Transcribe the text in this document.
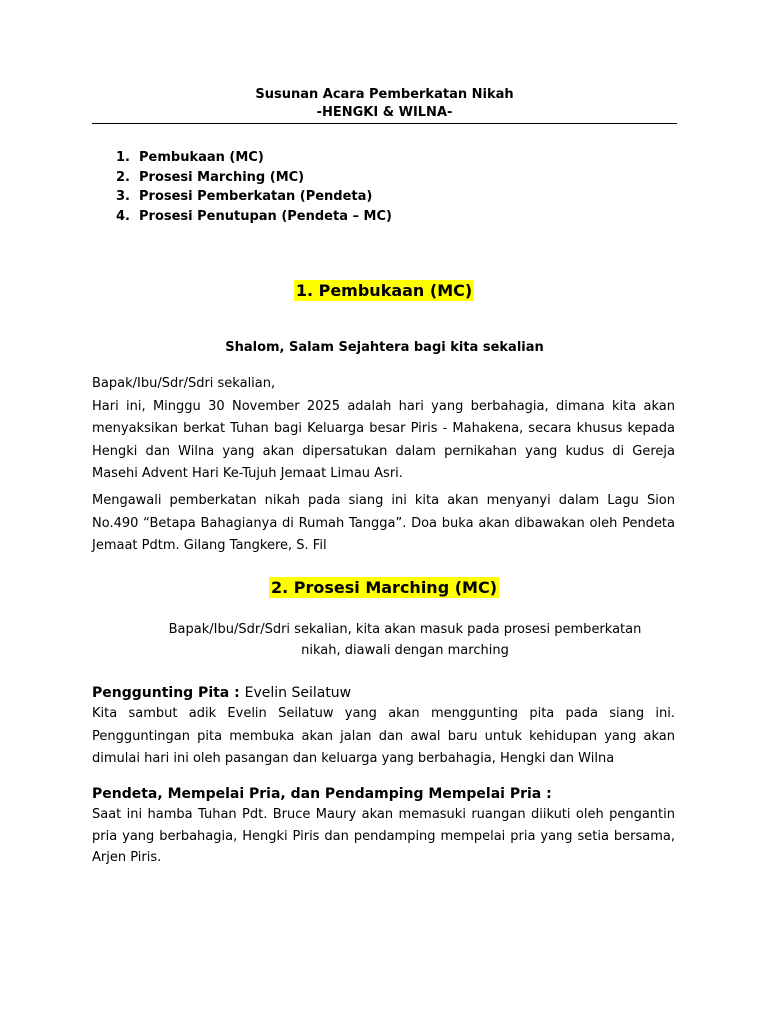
Susunan Acara Pemberkatan Nikah
-HENGKI & WILNA-
1. Pembukaan (MC)
2. Prosesi Marching (MC)
3. Prosesi Pemberkatan (Pendeta)
4. Prosesi Penutupan (Pendeta – MC)
1. Pembukaan (MC)
Shalom, Salam Sejahtera bagi kita sekalian
Bapak/Ibu/Sdr/Sdri sekalian,
Hari ini, Minggu 30 November 2025 adalah hari yang berbahagia, dimana kita akan menyaksikan berkat Tuhan bagi Keluarga besar Piris - Mahakena, secara khusus kepada Hengki dan Wilna yang akan dipersatukan dalam pernikahan yang kudus di Gereja Masehi Advent Hari Ke-Tujuh Jemaat Limau Asri.
Mengawali pemberkatan nikah pada siang ini kita akan menyanyi dalam Lagu Sion No.490 “Betapa Bahagianya di Rumah Tangga”. Doa buka akan dibawakan oleh Pendeta Jemaat Pdtm. Gilang Tangkere, S. Fil
2. Prosesi Marching (MC)
Bapak/Ibu/Sdr/Sdri sekalian, kita akan masuk pada prosesi pemberkatan
nikah, diawali dengan marching
Penggunting Pita : Evelin Seilatuw
Kita sambut adik Evelin Seilatuw yang akan menggunting pita pada siang ini. Pengguntingan pita membuka akan jalan dan awal baru untuk kehidupan yang akan dimulai hari ini oleh pasangan dan keluarga yang berbahagia, Hengki dan Wilna
Pendeta, Mempelai Pria, dan Pendamping Mempelai Pria :
Saat ini hamba Tuhan Pdt. Bruce Maury akan memasuki ruangan diikuti oleh pengantin pria yang berbahagia, Hengki Piris dan pendamping mempelai pria yang setia bersama, Arjen Piris.
